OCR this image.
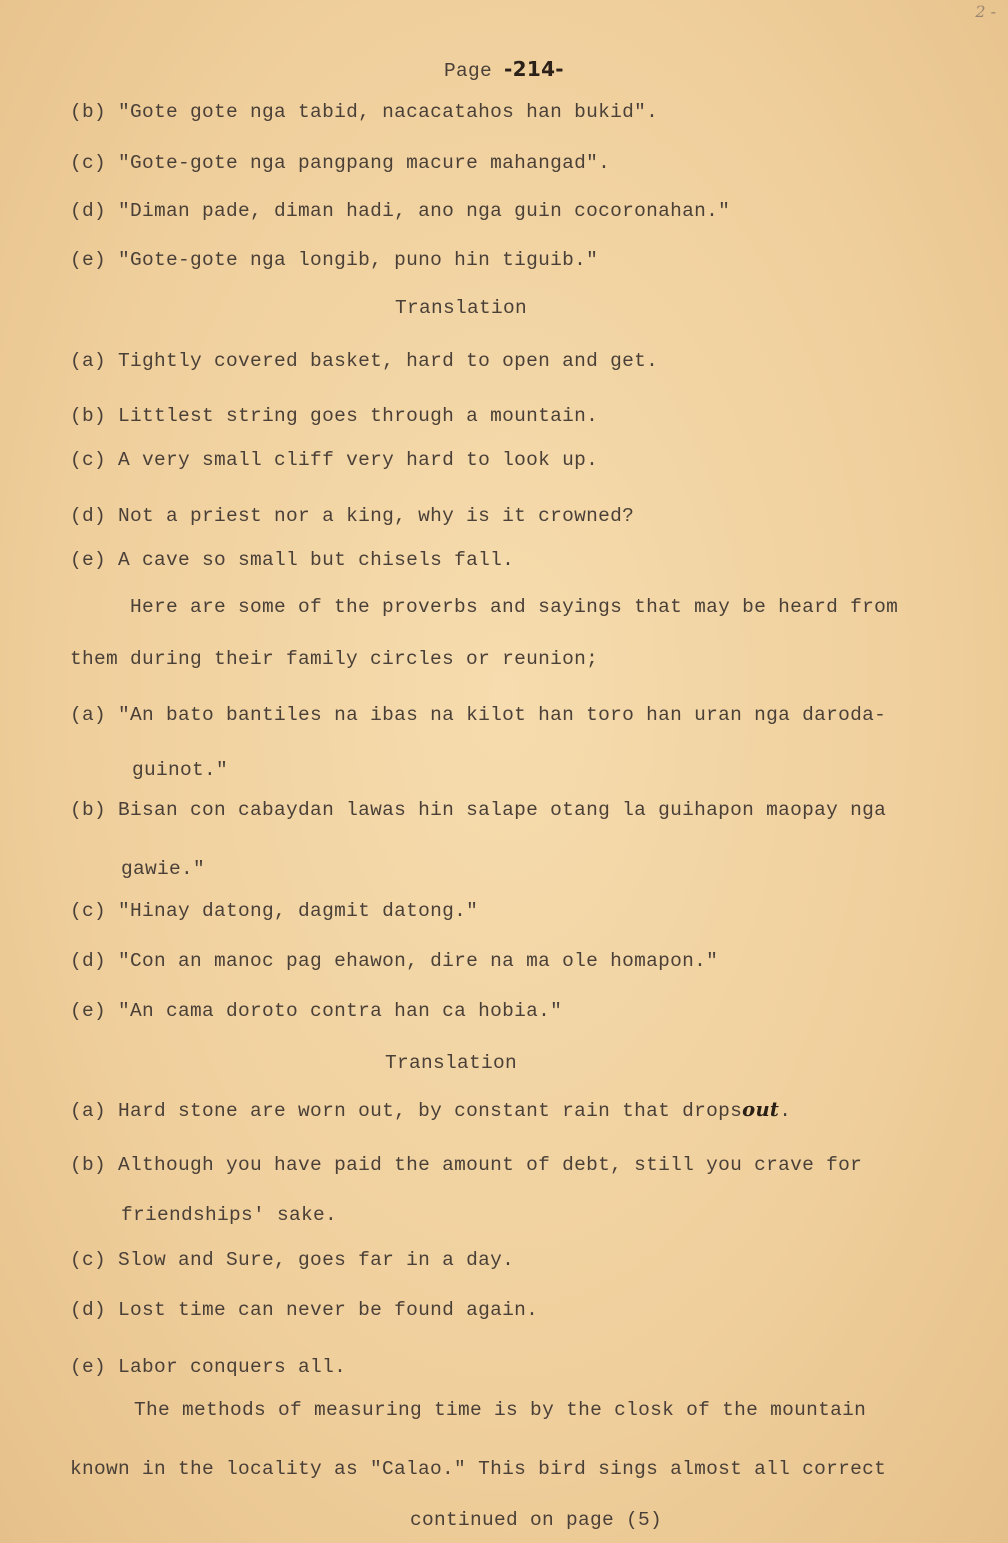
2 -
Page -214-
(b) "Gote gote nga tabid, nacacatahos han bukid".
(c) "Gote-gote nga pangpang macure mahangad".
(d) "Diman pade, diman hadi, ano nga guin cocoronahan."
(e) "Gote-gote nga longib, puno hin tiguib."
Translation
(a) Tightly covered basket, hard to open and get.
(b) Littlest string goes through a mountain.
(c) A very small cliff very hard to look up.
(d) Not a priest nor a king, why is it crowned?
(e) A cave so small but chisels fall.
Here are some of the proverbs and sayings that may be heard from
them during their family circles or reunion;
(a) "An bato bantiles na ibas na kilot han toro han uran nga daroda-
guinot."
(b) Bisan con cabaydan lawas hin salape otang la guihapon maopay nga
gawie."
(c) "Hinay datong, dagmit datong."
(d) "Con an manoc pag ehawon, dire na ma ole homapon."
(e) "An cama doroto contra han ca hobia."
Translation
(a) Hard stone are worn out, by constant rain that dropsout.
(b) Although you have paid the amount of debt, still you crave for
friendships' sake.
(c) Slow and Sure, goes far in a day.
(d) Lost time can never be found again.
(e) Labor conquers all.
The methods of measuring time is by the closk of the mountain
known in the locality as "Calao." This bird sings almost all correct
continued on page (5)
